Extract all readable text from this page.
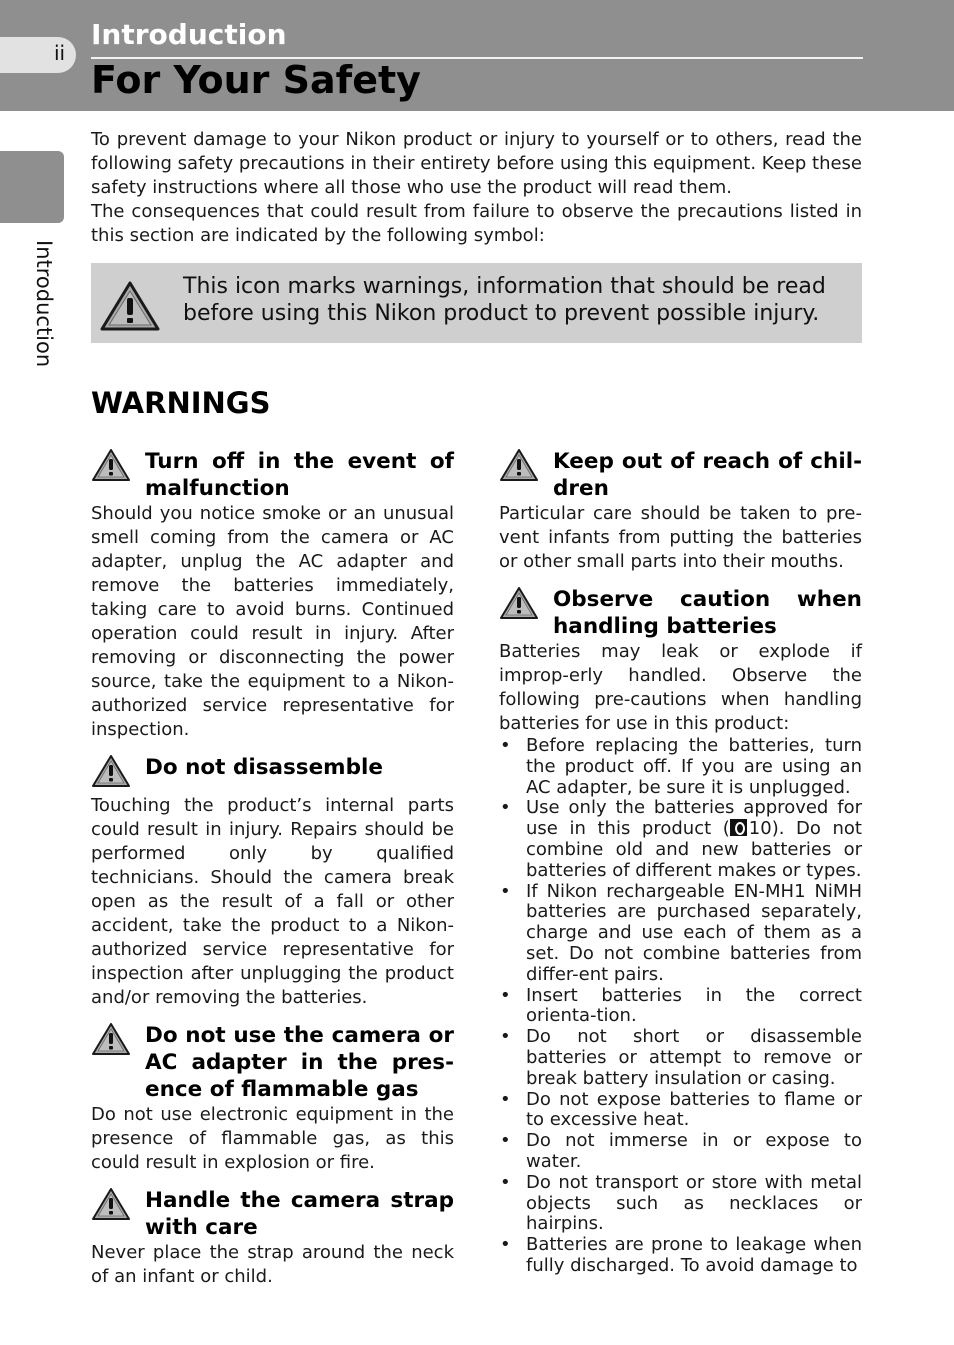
ii
Introduction
For Your Safety
Introduction

To prevent damage to your Nikon product or injury to yourself or to others, read the following safety precautions in their entirety before using this equipment. Keep these safety instructions where all those who use the product will read them.

The consequences that could result from failure to observe the precautions listed in this section are indicated by the following symbol:

This icon marks warnings, information that should be read before using this Nikon product to prevent possible injury.
WARNINGS
Turn off in the event of malfunction

Should you notice smoke or an unusual smell coming from the camera or AC adapter, unplug the AC adapter and remove the batteries immediately, taking care to avoid burns. Continued operation could result in injury. After removing or disconnecting the power source, take the equipment to a Nikon-authorized service representative for inspection.

Do not disassemble

Touching the product’s internal parts could result in injury. Repairs should be performed only by qualified technicians. Should the camera break open as the result of a fall or other accident, take the product to a Nikon-authorized service representative for inspection after unplugging the product and/or removing the batteries.

Do not use the camera or AC adapter in the pres-ence of flammable gas

Do not use electronic equipment in the presence of flammable gas, as this could result in explosion or fire.

Handle the camera strap with care

Never place the strap around the neck of an infant or child.

Keep out of reach of chil-dren

Particular care should be taken to pre-vent infants from putting the batteries or other small parts into their mouths.

Observe caution when handling batteries

Batteries may leak or explode if improp-erly handled. Observe the following pre-cautions when handling batteries for use in this product:

• Before replacing the batteries, turn the product off. If you are using an AC adapter, be sure it is unplugged.
• Use only the batteries approved for use in this product ( 10). Do not combine old and new batteries or batteries of different makes or types.
• If Nikon rechargeable EN-MH1 NiMH batteries are purchased separately, charge and use each of them as a set. Do not combine batteries from differ-ent pairs.
• Insert batteries in the correct orienta-tion.
• Do not short or disassemble batteries or attempt to remove or break battery insulation or casing.
• Do not expose batteries to flame or to excessive heat.
• Do not immerse in or expose to water.
• Do not transport or store with metal objects such as necklaces or hairpins.
• Batteries are prone to leakage when fully discharged. To avoid damage to
